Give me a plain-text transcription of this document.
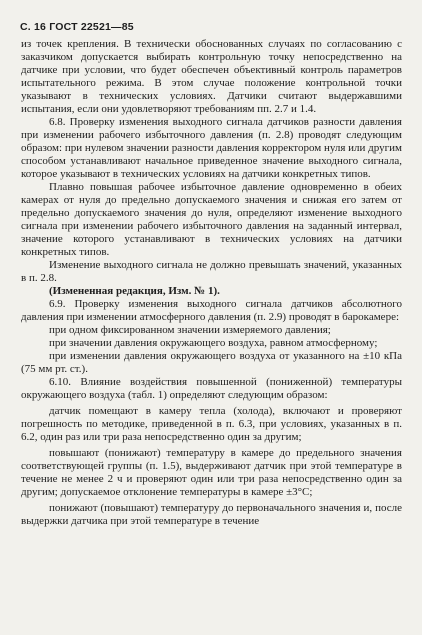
С. 16 ГОСТ 22521—85

из точек крепления. В технически обоснованных случаях по согласованию с заказчиком допускается выбирать контрольную точку непосредственно на датчике при условии, что будет обеспечен объективный контроль параметров испытательного режима. В этом случае положение контрольной точки указывают в технических условиях. Датчики считают выдержавшими испытания, если они удовлетворяют требованиям пп. 2.7 и 1.4.

6.8. Проверку изменения выходного сигнала датчиков разности давления при изменении рабочего избыточного давления (п. 2.8) проводят следующим образом: при нулевом значении разности давления корректором нуля или другим способом устанавливают начальное приведенное значение выходного сигнала, которое указывают в технических условиях на датчики конкретных типов.

Плавно повышая рабочее избыточное давление одновременно в обеих камерах от нуля до предельно допускаемого значения и снижая его затем от предельно допускаемого значения до нуля, определяют изменение выходного сигнала при изменении рабочего избыточного давления на заданный интервал, значение которого устанавливают в технических условиях на датчики конкретных типов.

Изменение выходного сигнала не должно превышать значений, указанных в п. 2.8.

(Измененная редакция, Изм. № 1).

6.9. Проверку изменения выходного сигнала датчиков абсолютного давления при изменении атмосферного давления (п. 2.9) проводят в барокамере:

при одном фиксированном значении измеряемого давления;

при значении давления окружающего воздуха, равном атмосферному;

при изменении давления окружающего воздуха от указанного на ±10 кПа (75 мм рт. ст.).

6.10. Влияние воздействия повышенной (пониженной) температуры окружающего воздуха (табл. 1) определяют следующим образом:

датчик помещают в камеру тепла (холода), включают и проверяют погрешность по методике, приведенной в п. 6.3, при условиях, указанных в п. 6.2, один раз или три раза непосредственно один за другим;

повышают (понижают) температуру в камере до предельного значения соответствующей группы (п. 1.5), выдерживают датчик при этой температуре в течение не менее 2 ч и проверяют один или три раза непосредственно один за другим; допускаемое отклонение температуры в камере ±3°C;

понижают (повышают) температуру до первоначального значения и, после выдержки датчика при этой температуре в течение
